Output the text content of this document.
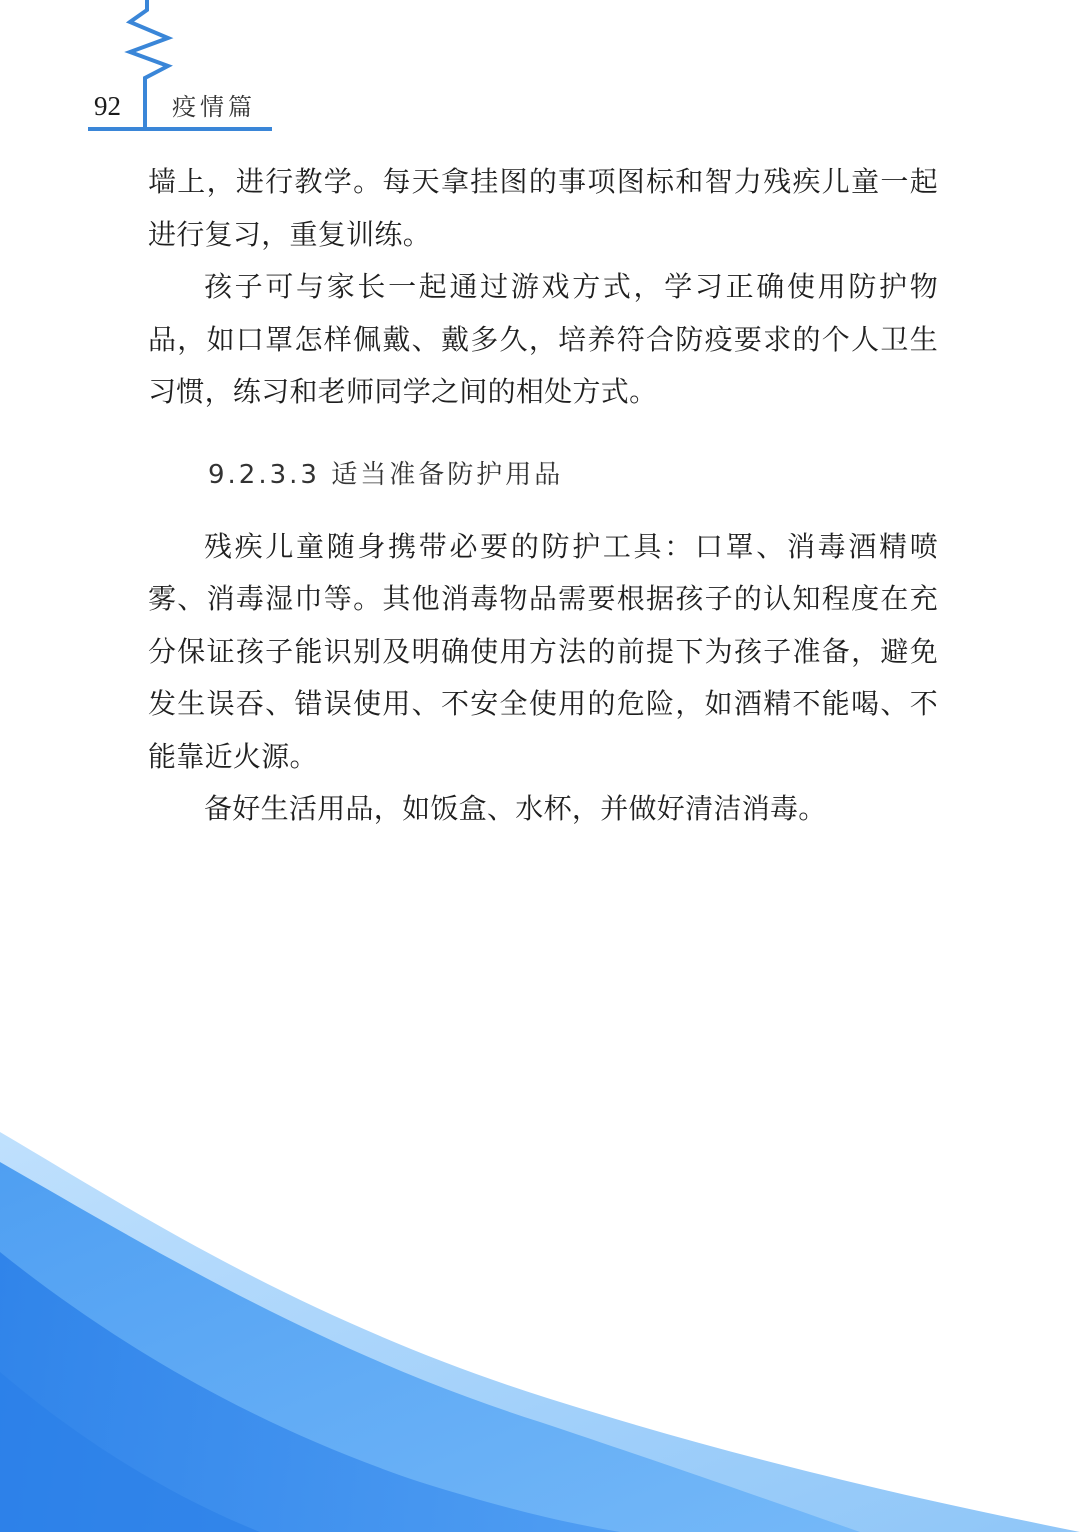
92 疫情篇

墙上，进行教学。每天拿挂图的事项图标和智力残疾儿童一起进行复习，重复训练。

孩子可与家长一起通过游戏方式，学习正确使用防护物品，如口罩怎样佩戴、戴多久，培养符合防疫要求的个人卫生习惯，练习和老师同学之间的相处方式。

9.2.3.3 适当准备防护用品

残疾儿童随身携带必要的防护工具：口罩、消毒酒精喷雾、消毒湿巾等。其他消毒物品需要根据孩子的认知程度在充分保证孩子能识别及明确使用方法的前提下为孩子准备，避免发生误吞、错误使用、不安全使用的危险，如酒精不能喝、不能靠近火源。

备好生活用品，如饭盒、水杯，并做好清洁消毒。
